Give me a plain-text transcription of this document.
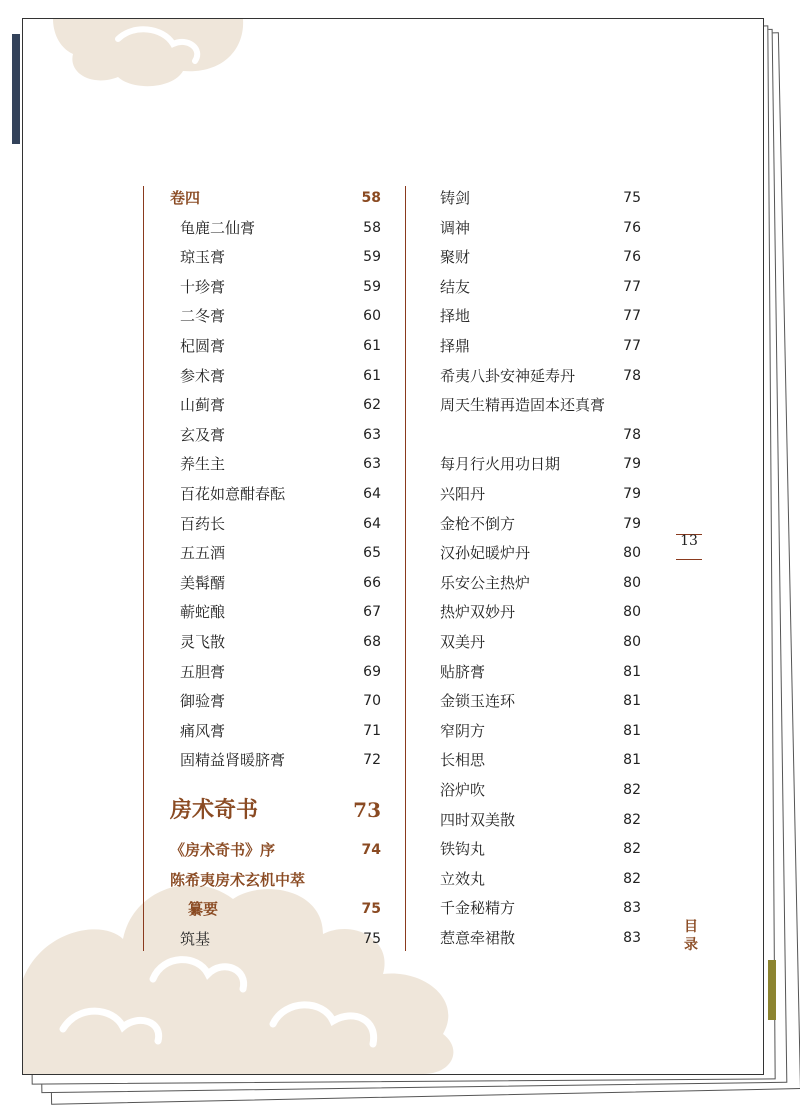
卷四	58
龟鹿二仙膏	58
琼玉膏	59
十珍膏	59
二冬膏	60
杞圆膏	61
参术膏	61
山蓟膏	62
玄及膏	63
养生主	63
百花如意酣春酝	64
百药长	64
五五酒	65
美髯醑	66
蕲蛇酿	67
灵飞散	68
五胆膏	69
御验膏	70
痛风膏	71
固精益肾暖脐膏	72
房术奇书	73
《房术奇书》序	74
陈希夷房术玄机中萃
纂要	75
筑基	75
铸剑	75
调神	76
聚财	76
结友	77
择地	77
择鼎	77
希夷八卦安神延寿丹	78
周天生精再造固本还真膏
78
每月行火用功日期	79
兴阳丹	79
金枪不倒方	79
汉孙妃暖炉丹	80
乐安公主热炉	80
热炉双妙丹	80
双美丹	80
贴脐膏	81
金锁玉连环	81
窄阴方	81
长相思	81
浴炉吹	82
四时双美散	82
铁钩丸	82
立效丸	82
千金秘精方	83
惹意牵裙散	83
13
目录
